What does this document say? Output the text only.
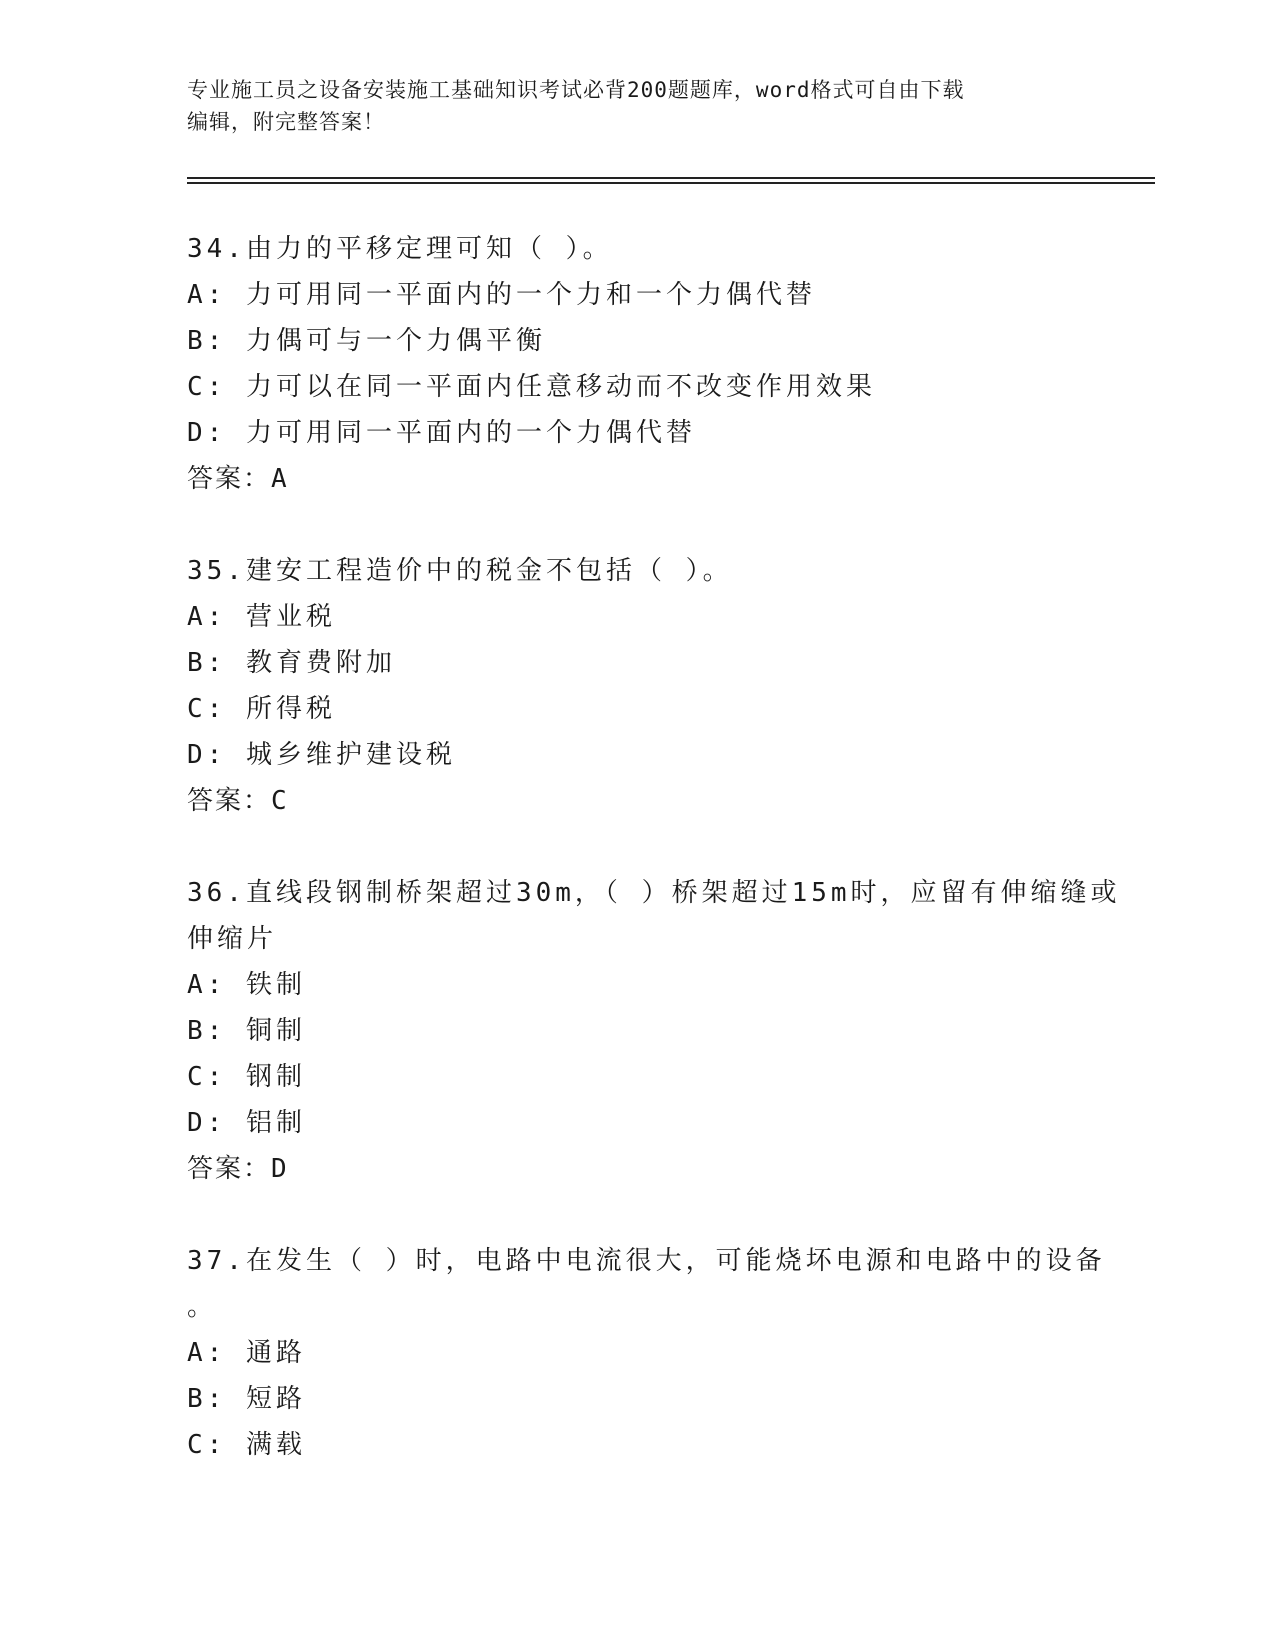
专业施工员之设备安装施工基础知识考试必背200题题库，word格式可自由下载
编辑，附完整答案！
34.由力的平移定理可知（ ）。
A: 力可用同一平面内的一个力和一个力偶代替
B: 力偶可与一个力偶平衡
C: 力可以在同一平面内任意移动而不改变作用效果
D: 力可用同一平面内的一个力偶代替
答案：A
35.建安工程造价中的税金不包括（ ）。
A: 营业税
B: 教育费附加
C: 所得税
D: 城乡维护建设税
答案：C
36.直线段钢制桥架超过30m，（ ）桥架超过15m时，应留有伸缩缝或
伸缩片
A: 铁制
B: 铜制
C: 钢制
D: 铝制
答案：D
37.在发生（ ）时，电路中电流很大，可能烧坏电源和电路中的设备
。
A: 通路
B: 短路
C: 满载
